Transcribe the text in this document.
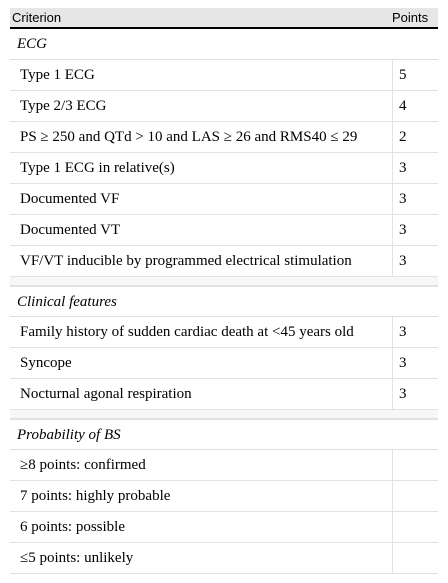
Criterion	Points
ECG
Type 1 ECG	5
Type 2/3 ECG	4
PS ≥ 250 and QTd > 10 and LAS ≥ 26 and RMS40 ≤ 29	2
Type 1 ECG in relative(s)	3
Documented VF	3
Documented VT	3
VF/VT inducible by programmed electrical stimulation	3
Clinical features
Family history of sudden cardiac death at <45 years old	3
Syncope	3
Nocturnal agonal respiration	3
Probability of BS
≥8 points: confirmed
7 points: highly probable
6 points: possible
≤5 points: unlikely
